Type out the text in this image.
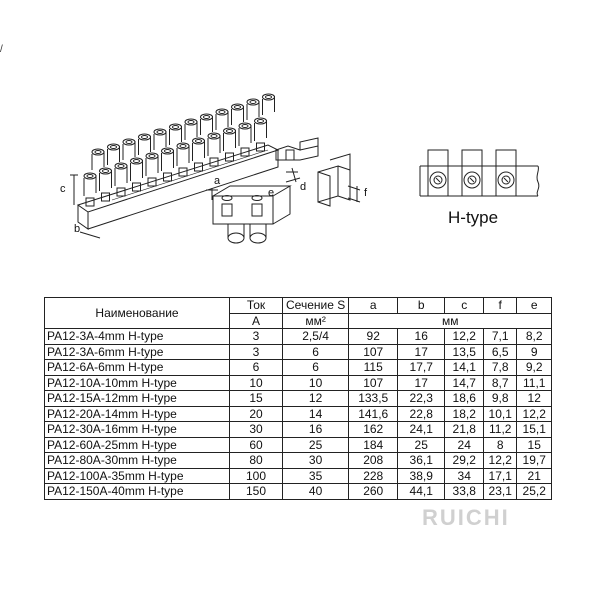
/
c
b
a
e d	f
H-type
Наименование	Ток	Сечение S	a	b	c	f	e
	A	мм²	мм				
PA12-3A-4mm H-type	3	2,5/4	92	16	12,2	7,1	8,2
PA12-3A-6mm H-type	3	6	107	17	13,5	6,5	9
PA12-6A-6mm H-type	6	6	115	17,7	14,1	7,8	9,2
PA12-10A-10mm H-type	10	10	107	17	14,7	8,7	11,1
PA12-15A-12mm H-type	15	12	133,5	22,3	18,6	9,8	12
PA12-20A-14mm H-type	20	14	141,6	22,8	18,2	10,1	12,2
PA12-30A-16mm H-type	30	16	162	24,1	21,8	11,2	15,1
PA12-60A-25mm H-type	60	25	184	25	24	8	15
PA12-80A-30mm H-type	80	30	208	36,1	29,2	12,2	19,7
PA12-100A-35mm H-type	100	35	228	38,9	34	17,1	21
PA12-150A-40mm H-type	150	40	260	44,1	33,8	23,1	25,2
RUICHI
